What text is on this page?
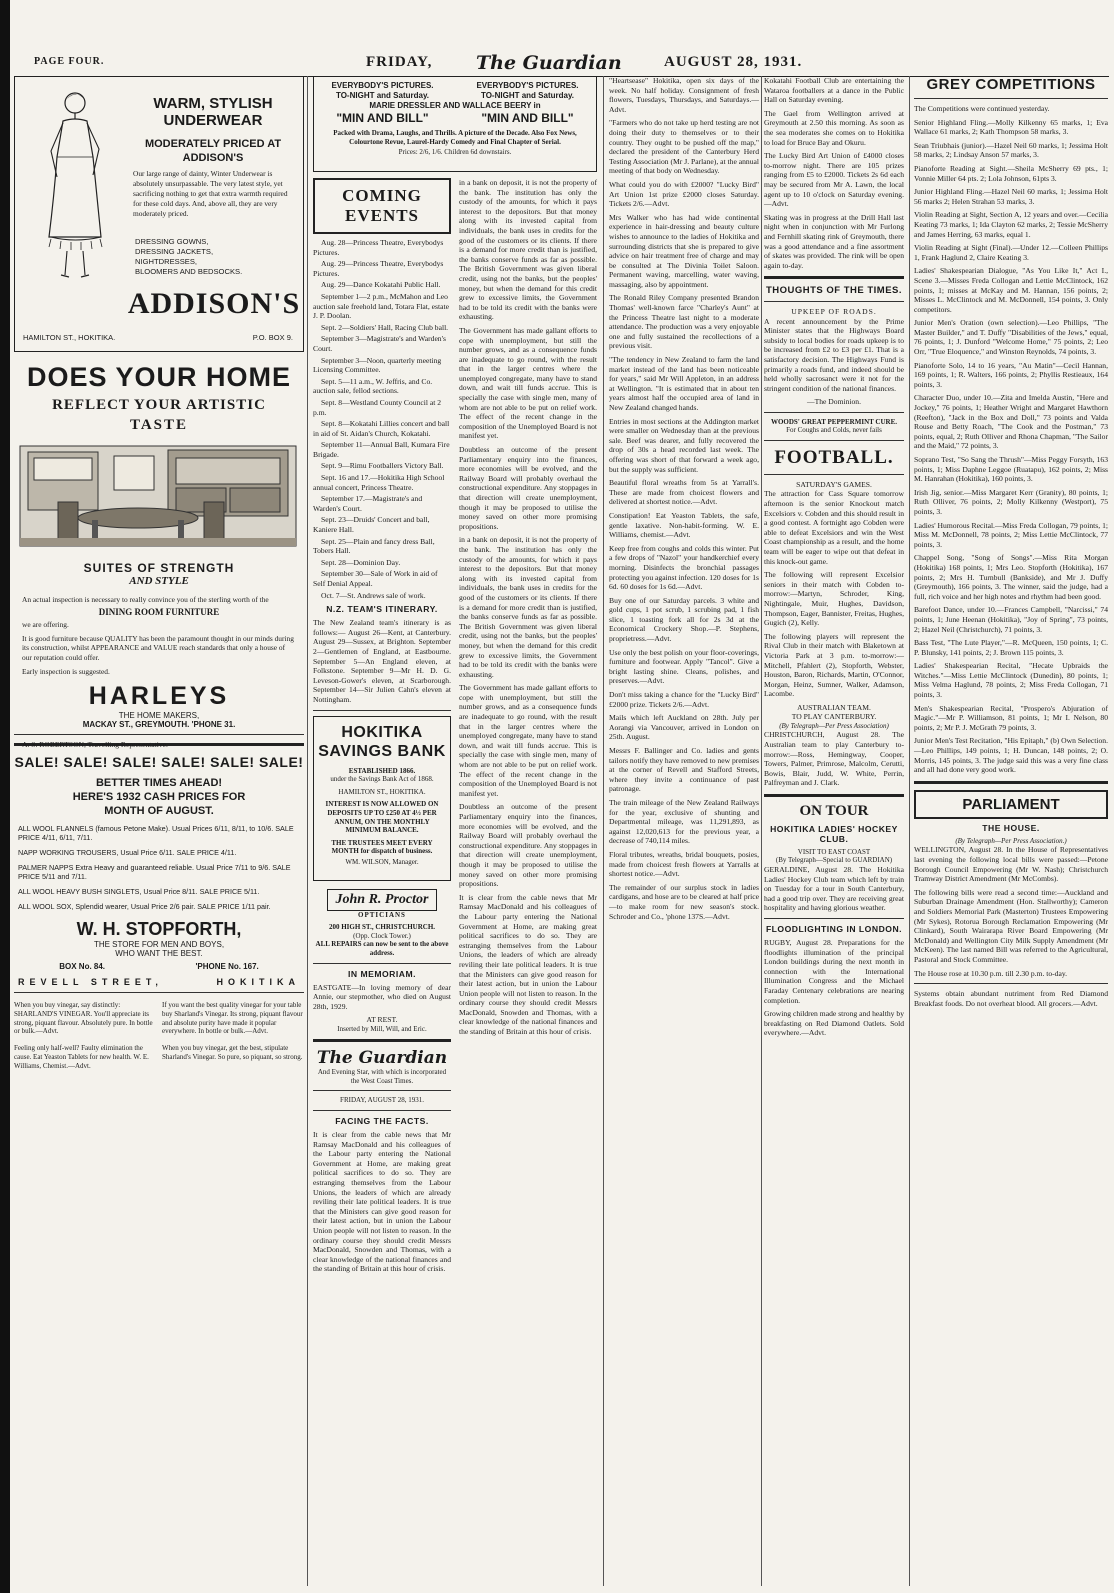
PAGE FOUR.	FRIDAY, The Guardian	AUGUST 28, 1931.
WARM, STYLISH UNDERWEAR
MODERATELY PRICED AT ADDISON'S
Our large range of dainty, Winter Underwear is absolutely unsurpassable. The very latest style, yet sacrificing nothing to get that extra warmth required for these cold days. And, above all, they are very moderately priced.
DRESSING GOWNS,
DRESSING JACKETS,
NIGHTDRESSES,
BLOOMERS AND BEDSOCKS.
ADDISON'S
HAMILTON ST., HOKITIKA.	P.O. BOX 9.
DOES YOUR HOME
REFLECT YOUR ARTISTIC
TASTE
SUITES OF STRENGTH
AND STYLE
An actual inspection is necessary to really convince you of the sterling worth of the
DINING ROOM FURNITURE
we are offering.
It is good furniture because QUALITY has been the paramount thought in our minds during its construction, whilst APPEARANCE and VALUE reach standards that only a house of our reputation could offer.
Early inspection is suggested.
HARLEYS
THE HOME MAKERS,
MACKAY ST., GREYMOUTH. 'PHONE 31.
A. S. ROBERTSON, Travelling Representative.
SALE! SALE! SALE! SALE! SALE! SALE!
BETTER TIMES AHEAD!
HERE'S 1932 CASH PRICES FOR
MONTH OF AUGUST.
ALL WOOL FLANNELS (famous Petone Make). Usual Prices 6/11, 8/11, to 10/6. SALE PRICE 4/11, 6/11, 7/11.
NAPP WORKING TROUSERS, Usual Price 6/11. SALE PRICE 4/11.
PALMER NAPPS Extra Heavy and guaranteed reliable. Usual Price 7/11 to 9/6. SALE PRICE 5/11 and 7/11.
ALL WOOL HEAVY BUSH SINGLETS, Usual Price 8/11. SALE PRICE 5/11.
ALL WOOL SOX, Splendid wearer, Usual Price 2/6 pair. SALE PRICE 1/11 pair.
W. H. STOPFORTH,
THE STORE FOR MEN AND BOYS,
WHO WANT THE BEST.
BOX No. 84.	'PHONE No. 167.
REVELL STREET,	HOKITIKA
When you buy vinegar, say distinctly: SHARLAND'S VINEGAR. You'll appreciate its strong, piquant flavour. Absolutely pure. In bottle or bulk.—Advt.
If you want the best quality vinegar for your table buy Sharland's Vinegar. Its strong, piquant flavour and absolute purity have made it popular everywhere. In bottle or bulk.—Advt.
Feeling only half-well? Faulty elimination the cause. Eat Yeaston Tablets for new health. W. E. Williams, Chemist.—Advt.
When you buy vinegar, get the best, stipulate Sharland's Vinegar. So pure, so piquant, so strong.
EVERYBODY'S PICTURES.
TO-NIGHT and Saturday.
EVERYBODY'S PICTURES.
TO-NIGHT and Saturday.
MARIE DRESSLER AND WALLACE BEERY in
"MIN AND BILL"	"MIN AND BILL"
Packed with Drama, Laughs, and Thrills. A picture of the Decade. Also Fox News, Colourtone Revue, Laurel-Hardy Comedy and Final Chapter of Serial.
Prices: 2/6, 1/6. Children 6d downstairs.
COMING EVENTS

Aug. 28—Princess Theatre, Everybodys Pictures.

Aug. 29—Princess Theatre, Everybodys Pictures.

Aug. 29—Dance Kokatahi Public Hall.

September 1—2 p.m., McMahon and Leo auction sale freehold land, Totara Flat, estate J. P. Doolan.

Sept. 2—Soldiers' Hall, Racing Club ball.

September 3—Magistrate's and Warden's Court.

September 3—Noon, quarterly meeting Licensing Committee.

Sept. 5—11 a.m., W. Jeffris, and Co. auction sale, fellod sections.

Sept. 8—Westland County Council at 2 p.m.

Sept. 8—Kokatahi Lillies concert and ball in aid of St. Aidan's Church, Kokatahi.

September 11—Annual Ball, Kumara Fire Brigade.

Sept. 9—Rimu Footballers Victory Ball.

Sept. 16 and 17.—Hokitika High School annual concert, Princess Theatre.

September 17.—Magistrate's and Warden's Court.

Sept. 23—Druids' Concert and ball, Kaniere Hall.

Sept. 25—Plain and fancy dress Ball, Tobers Hall.

Sept. 28—Dominion Day.

September 30—Sale of Work in aid of Self Denial Appeal.

Oct. 7—St. Andrews sale of work.

N.Z. TEAM'S ITINERARY.

The New Zealand team's itinerary is as follows:— August 26—Kent, at Canterbury. August 29—Sussex, at Brighton. September 2—Gentlemen of England, at Eastbourne. September 5—An England eleven, at Folkstone. September 9—Mr H. D. G. Leveson-Gower's eleven, at Scarborough. September 14—Sir Julien Cahn's eleven at Nottingham.

HOKITIKA
SAVINGS BANK
ESTABLISHED 1866.
under the Savings Bank Act of 1868.
HAMILTON ST., HOKITIKA.
INTEREST IS NOW ALLOWED ON DEPOSITS UP TO £250 AT 4½ PER ANNUM, ON THE MONTHLY MINIMUM BALANCE.
THE TRUSTEES MEET EVERY MONTH for dispatch of business.
WM. WILSON, Manager.
John R. Proctor
OPTICIANS
200 HIGH ST., CHRISTCHURCH.
(Opp. Clock Tower.)
ALL REPAIRS can now be sent to the above address.
IN MEMORIAM.

EASTGATE—In loving memory of dear Annie, our stepmother, who died on August 28th, 1929.

AT REST.
Inserted by Mill, Will, and Eric.
The Guardian
And Evening Star, with which is incorporated the West Coast Times.
FRIDAY, AUGUST 28, 1931.
FACING THE FACTS.

It is clear from the cable news that Mr Ramsay MacDonald and his colleagues of the Labour party entering the National Government at Home, are making great political sacrifices to do so. They are estranging themselves from the Labour Unions, the leaders of which are already reviling their late political leaders. It is true that the Ministers can give good reason for their latest action, but in union the Labour Union people will not listen to reason. In the ordinary course they should credit Messrs MacDonald, Snowden and Thomas, with a clear knowledge of the national finances and the standing of Britain at this hour of crisis.

in a bank on deposit, it is not the property of the bank. The institution has only the custody of the amounts, for which it pays interest to the depositors. But that money along with its invested capital from individuals, the bank uses in credits for the good of the customers or its clients. If there is a demand for more credit than is justified, the banks conserve funds as far as possible. The British Government was given liberal credit, using not the banks, but the peoples' money, but when the demand for this credit grew to excessive limits, the Government had to be told its credit with the banks were exhausting.

The Government has made gallant efforts to cope with unemployment, but still the number grows, and as a consequence funds are inadequate to go round, with the result that in the larger centres where the unemployed congregate, many have to stand down, and wait till funds accrue. This is specially the case with single men, many of whom are not able to be put on relief work. The effect of the recent change in the composition of the Unemployed Board is not manifest yet.

Doubtless an outcome of the present Parliamentary enquiry into the finances, more economies will be evolved, and the Railway Board will probably overhaul the constructional expenditure. Any stoppages in that direction will create unemployment, though it may be proposed to utilise the money saved on other more promising propositions.

in a bank on deposit, it is not the property of the bank. The institution has only the custody of the amounts, for which it pays interest to the depositors. But that money along with its invested capital from individuals, the bank uses in credits for the good of the customers or its clients. If there is a demand for more credit than is justified, the banks conserve funds as far as possible. The British Government was given liberal credit, using not the banks, but the peoples' money, but when the demand for this credit grew to excessive limits, the Government had to be told its credit with the banks were exhausting.

The Government has made gallant efforts to cope with unemployment, but still the number grows, and as a consequence funds are inadequate to go round, with the result that in the larger centres where the unemployed congregate, many have to stand down, and wait till funds accrue. This is specially the case with single men, many of whom are not able to be put on relief work. The effect of the recent change in the composition of the Unemployed Board is not manifest yet.

Doubtless an outcome of the present Parliamentary enquiry into the finances, more economies will be evolved, and the Railway Board will probably overhaul the constructional expenditure. Any stoppages in that direction will create unemployment, though it may be proposed to utilise the money saved on other more promising propositions.

It is clear from the cable news that Mr Ramsay MacDonald and his colleagues of the Labour party entering the National Government at Home, are making great political sacrifices to do so. They are estranging themselves from the Labour Unions, the leaders of which are already reviling their late political leaders. It is true that the Ministers can give good reason for their latest action, but in union the Labour Union people will not listen to reason. In the ordinary course they should credit Messrs MacDonald, Snowden and Thomas, with a clear knowledge of the national finances and the standing of Britain at this hour of crisis.

"Heartsease" Hokitika, open six days of the week. No half holiday. Consignment of fresh flowers, Tuesdays, Thursdays, and Saturdays.—Advt.

"Farmers who do not take up herd testing are not doing their duty to themselves or to their country. They ought to be pushed off the map," declared the president of the Canterbury Herd Testing Association (Mr J. Parlane), at the annual meeting of that body on Wednesday.

What could you do with £2000? "Lucky Bird" Art Union 1st prize £2000 closes Saturday. Tickets 2/6.—Advt.

Mrs Walker who has had wide continental experience in hair-dressing and beauty culture wishes to announce to the ladies of Hokitika and surrounding districts that she is prepared to give advice on hair treatment free of charge and may be consulted at The Divinia Toilet Saloon. Permanent waving, marcelling, water waving, massaging, also by appointment.

The Ronald Riley Company presented Brandon Thomas' well-known farce "Charley's Aunt" at the Princess Theatre last night to a moderate attendance. The production was a very enjoyable one and fully sustained the recollections of a previous visit.

"The tendency in New Zealand to farm the land market instead of the land has been noticeable for years," said Mr Will Appleton, in an address at Wellington. "It is estimated that in about ten years almost half the occupied area of land in New Zealand changed hands.

Entries in most sections at the Addington market were smaller on Wednesday than at the previous sale. Beef was dearer, and fully recovered the drop of 30s a head recorded last week. The offering was short of that forward a week ago, but the supply was sufficient.

Beautiful floral wreaths from 5s at Yarrall's. These are made from choicest flowers and delivered at shortest notice.—Advt.

Constipation! Eat Yeaston Tablets, the safe, gentle laxative. Non-habit-forming. W. E. Williams, chemist.—Advt.

Keep free from coughs and colds this winter. Put a few drops of "Nazol" your handkerchief every morning. Disinfects the bronchial passages protecting you against infection. 120 doses for 1s 6d. 60 doses for 1s 6d.—Advt.

Buy one of our Saturday parcels. 3 white and gold cups, 1 pot scrub, 1 scrubing pad, 1 fish slice, 1 toasting fork all for 2s 3d at the Economical Crockery Shop.—P. Stephens, proprietress.—Advt.

Use only the best polish on your floor-coverings, furniture and footwear. Apply "Tancol". Give a bright lasting shine. Cleans, polishes, and preserves.—Advt.

Don't miss taking a chance for the "Lucky Bird" £2000 prize. Tickets 2/6.—Advt.

Mails which left Auckland on 28th. July per Aorangi via Vancouver, arrived in London on 25th. August.

Messrs F. Ballinger and Co. ladies and gents tailors notify they have removed to new premises at the corner of Revell and Stafford Streets, where they invite a continuance of past patronage.

The train mileage of the New Zealand Railways for the year, exclusive of shunting and Departmental mileage, was 11,291,893, as against 12,020,613 for the previous year, a decrease of 740,114 miles.

Floral tributes, wreaths, bridal bouquets, posies, made from choicest fresh flowers at Yarralls at shortest notice.—Advt.

The remainder of our surplus stock in ladies cardigans, and hose are to be cleared at half price—to make room for new season's stock. Schroder and Co., 'phone 137S.—Advt.

Kokatahi Football Club are entertaining the Wataroa footballers at a dance in the Public Hall on Saturday evening.

The Gael from Wellington arrived at Greymouth at 2.50 this morning. As soon as the sea moderates she comes on to Hokitika to load for Bruce Bay and Okuru.

The Lucky Bird Art Union of £4000 closes to-morrow night. There are 105 prizes ranging from £5 to £2000. Tickets 2s 6d each may be secured from Mr A. Lawn, the local agent up to 10 o'clock on Saturday evening.—Advt.

Skating was in progress at the Drill Hall last night when in conjunction with Mr Furlong and Fernhill skating rink of Greymouth, there was a good attendance and a fine assortment of skates was provided. The rink will be open again to-day.

THOUGHTS OF THE TIMES.
UPKEEP OF ROADS.

A recent announcement by the Prime Minister states that the Highways Board subsidy to local bodies for roads upkeep is to be increased from £2 to £3 per £1. That is a satisfactory decision. The Highways Fund is primarily a roads fund, and indeed should be held wholly sacrosanct were it not for the stringent condition of the national finances.

—The Dominion.
WOODS' GREAT PEPPERMINT CURE.
For Coughs and Colds, never fails
FOOTBALL.
SATURDAY'S GAMES.

The attraction for Cass Square tomorrow afternoon is the senior Knockout match Excelsiors v. Cobden and this should result in a good contest. A fortnight ago Cobden were able to defeat Excelsiors and win the West Coast championship as a result, and the home team will be eager to wipe out that defeat in this knock-out game.

The following will represent Excelsior seniors in their match with Cobden to-morrow:—Martyn, Schroder, King, Nightingale, Muir, Hughes, Davidson, Thompson, Eager, Bannister, Freitas, Hughes, Gugich (2), Kelly.

The following players will represent the Rival Club in their match with Blaketown at Victoria Park at 3 p.m. to-morrow:—Mitchell, Pfahlert (2), Stopforth, Webster, Houston, Baron, Richards, Martin, O'Connor, Morgan, Heinz, Sumner, Walker, Adamson, Lacombe.

AUSTRALIAN TEAM.
TO PLAY CANTERBURY.
(By Telegraph—Per Press Association)

CHRISTCHURCH, August 28. The Australian team to play Canterbury to-morrow:—Ross, Hemingway, Cooper, Towers, Palmer, Primrose, Malcolm, Cerutti, Bowis, Blair, Judd, W. White, Perrin, Palfreyman and J. Clark.

ON TOUR
HOKITIKA LADIES' HOCKEY CLUB.
VISIT TO EAST COAST
(By Telegraph—Special to GUARDIAN)

GERALDINE, August 28. The Hokitika Ladies' Hockey Club team which left by train on Tuesday for a tour in South Canterbury, had a good trip over. They are receiving great hospitality and having glorious weather.

FLOODLIGHTING IN LONDON.

RUGBY, August 28. Preparations for the floodlights illumination of the principal London buildings during the next month in connection with the International Illumination Congress and the Michael Faraday Centenary celebrations are nearing completion.

Growing children made strong and healthy by breakfasting on Red Diamond Oatlets. Sold everywhere.—Advt.

GREY COMPETITIONS

The Competitions were continued yesterday.

Senior Highland Fling.—Molly Kilkenny 65 marks, 1; Eva Wallace 61 marks, 2; Kath Thompson 58 marks, 3.

Sean Triubhais (junior).—Hazel Neil 60 marks, 1; Jessima Holt 58 marks, 2; Lindsay Anson 57 marks, 3.

Pianoforte Reading at Sight.—Sheila McSherry 69 pts., 1; Vonnie Miller 64 pts. 2; Lola Johnson, 61pts 3.

Junior Highland Fling.—Hazel Neil 60 marks, 1; Jessima Holt 56 marks 2; Helen Strahan 53 marks, 3.

Violin Reading at Sight, Section A, 12 years and over.—Cecilia Keating 73 marks, 1; Ida Clayton 62 marks, 2; Tessie McSherry and James Herring, 63 marks, equal 1.

Violin Reading at Sight (Final).—Under 12.—Colleen Phillips 1, Frank Haglund 2, Claire Keating 3.

Ladies' Shakespearian Dialogue, "As You Like It," Act I., Scene 3.—Misses Freda Collogan and Lettie McClintock, 162 points, 1; misses at McKay and M. Hannan, 156 points, 2; Misses L. McClintock and M. McDonnell, 154 points, 3. Only competitors.

Junior Men's Oration (own selection).—Leo Phillips, "The Master Builder," and T. Duffy "Disabilities of the Jews," equal, 76 points, 1; J. Dunford "Welcome Home," 75 points, 2; Leo Orr, "True Eloquence," and Winston Reynolds, 74 points, 3.

Pianoforte Solo, 14 to 16 years, "Au Matin"—Cecil Hannan, 169 points, 1; R. Walters, 166 points, 2; Phyllis Restieaux, 164 points, 3.

Character Duo, under 10.—Zita and Imelda Austin, "Here and Jockey," 76 points, 1; Heather Wright and Margaret Hawthorn (Reefton), "Jack in the Box and Doll," 73 points and Valda Rouse and Betty Roach, "The Cook and the Postman," 73 points, equal, 2; Ruth Olliver and Rhona Chapman, "The Sailor and the Maid," 72 points, 3.

Soprano Test, "So Sang the Thrush"—Miss Peggy Forsyth, 163 points, 1; Miss Daphne Leggoe (Ruatapu), 162 points, 2; Miss M. Hanrahan (Hokitika), 160 points, 3.

Irish Jig, senior.—Miss Margaret Kerr (Granity), 80 points, 1; Ruth Olliver, 76 points, 2; Molly Kilkenny (Westport), 75 points, 3.

Ladies' Humorous Recital.—Miss Freda Collogan, 79 points, 1; Miss M. McDonnell, 78 points, 2; Miss Lettie McClintock, 77 points, 3.

Chappel Song, "Song of Songs".—Miss Rita Morgan (Hokitika) 168 points, 1; Mrs Leo. Stopforth (Hokitika), 167 points, 2; Mrs H. Turnbull (Bankside), and Mr J. Duffy (Greymouth), 166 points, 3. The winner, said the judge, had a full, rich voice and her high notes and rhythm had been good.

Barefoot Dance, under 10.—Frances Campbell, "Narcissi," 74 points, 1; June Heenan (Hokitika), "Joy of Spring", 73 points, 2; Hazel Neil (Christchurch), 71 points, 3.

Bass Test, "The Lute Player,"—R. McQueen, 150 points, 1; C. P. Blunsky, 141 points, 2; J. Brown 115 points, 3.

Ladies' Shakespearian Recital, "Hecate Upbraids the Witches."—Miss Lettie McClintock (Dunedin), 80 points, 1; Miss Velma Haglund, 78 points, 2; Miss Freda Collogan, 71 points, 3.

Men's Shakespearian Recital, "Prospero's Abjuration of Magic."—Mr P. Williamson, 81 points, 1; Mr I. Nelson, 80 points, 2; Mr P. J. McGrath 79 points, 3.

Junior Men's Test Recitation, "His Epitaph," (b) Own Selection.—Leo Phillips, 149 points, 1; H. Duncan, 148 points, 2; O. Morris, 145 points, 3. The judge said this was a very fine class and all had done very good work.

PARLIAMENT
THE HOUSE.
(By Telegraph—Per Press Association.)

WELLINGTON, August 28. In the House of Representatives last evening the following local bills were passed:—Petone Borough Council Empowering (Mr W. Nash); Christchurch Tramway District Amendment (Mr McCombs).

The following bills were read a second time:—Auckland and Suburban Drainage Amendment (Hon. Stallworthy); Cameron and Soldiers Memorial Park (Masterton) Trustees Empowering (Mr Sykes), Rotorua Borough Reclamation Empowering (Mr Clinkard), South Wairarapa River Board Empowering (Mr McDonald) and Wellington City Milk Supply Amendment (Mr McKeen). The last named Bill was referred to the Agricultural, Pastoral and Stock Committee.

The House rose at 10.30 p.m. till 2.30 p.m. to-day.

Systems obtain abundant nutriment from Red Diamond Breakfast foods. Do not overheat blood. All grocers.—Advt.
